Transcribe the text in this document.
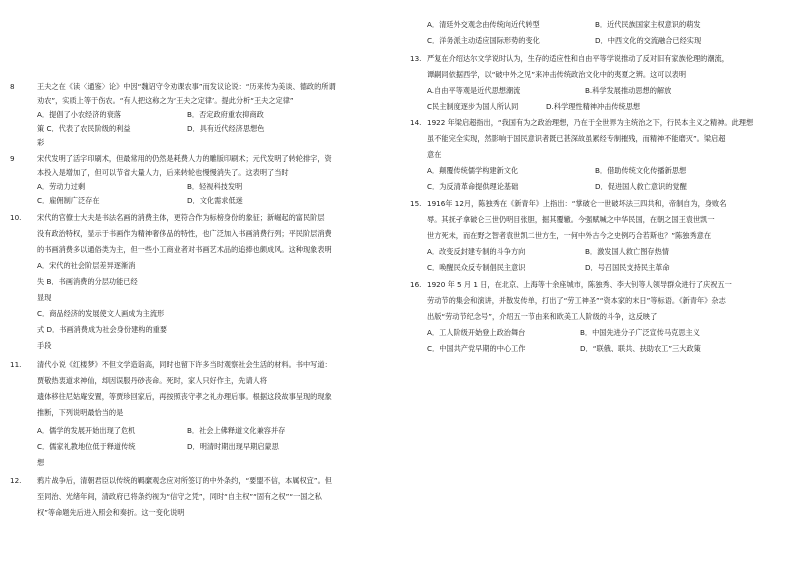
8	王夫之在《读〈通鉴〉论》中因“魏诏守令劝课农事”而发议论说：“历来传为美谈、德政的所谓
劝农”，实质上等于伤农。“有人把这称之为‘王夫之定律’。提此分析“王夫之定律”
A．提倡了小农经济的衰落	B．否定政府重农抑商政
策 C．代表了农民阶级的利益	D．具有近代经济思想色
彩
9	宋代发明了活字印刷术，但最常用的仍然是耗费人力的雕版印刷术；元代发明了转轮排字，资
本投入是增加了，但可以节省大量人力，后来转轮也慢慢消失了。这表明了当时
A．劳动力过剩	B．轻视科技发明
C．雇佣制广泛存在	D．文化需求低迷
10. 宋代的官僚士大夫是书法名画的消费主体，更符合作为标榜身份的象征；新崛起的富民阶层
没有政治特权，显示于书画作为精神奢侈品的特性，也广泛加入书画消费行列；平民阶层消费
的书画消费多以通俗类为主，但一些小工商业者对书画艺术品的追捧也颇成风。这种现象表明
A．宋代的社会阶层差异逐渐消
失 B．书画消费的分层功能已经
显现
C．商品经济的发展使文人画成为主流形
式 D．书画消费成为社会身份建构的重要
手段
11. 清代小说《红楼梦》不但文学造诣高，同时也留下许多当时观察社会生活的材料。书中写道：
贾敬热衷道求神仙，却因误服丹砂丧命。死时，家人只好作主，先请人将
遗体移往尼姑庵安置，等贾珍回家后，再按照丧守孝之礼办理后事。根据这段故事呈现的现象
推断，下列说明最恰当的是
A．儒学的发展开始出现了危机	B．社会上佛释道文化兼容并存
C．儒家礼教地位低于释道传统	D．明清时期出现早期启蒙思
想
12. 鸦片战争后，清朝君臣以传统的羁縻观念应对所签订的中外条约，“要盟不信，本属权宜”。但
至同治、光绪年间，清政府已将条约视为“信守之凭”，同时“自主权”“固有之权”“一国之私
权”等命题先后进入照会和奏折。这一变化说明
A．清廷外交观念由传统向近代转型	B．近代民族国家主权意识的萌发
C．洋务派主动适应国际形势的变化	D．中西文化的交流融合已经实现
13. 严复在介绍达尔文学说时认为，生存的适应性和自由平等学说推动了反对旧有家族伦理的潮流，
谭嗣同依据西学，以“破中外之见”来冲击传统政治文化中的夷夏之辨。这可以表明
A.自由平等观是近代思想潮流	B.科学发展推动思想的解放
C民主制度逐步为国人所认同	D.科学理性精神冲击传统思想
14. 1922 年梁启超指出，“我国有为之政治理想，乃在于全世界为主统治之下，行民本主义之精神。此理想
虽不能完全实现，然影响于国民意识者既已甚深故虽累经专制摧残，而精神不能磨灭”。梁启超
意在
A．颠覆传统儒学构建新文化	B．借助传统文化传播新思想
C．为反清革命提供理论基础	D．促进国人救亡意识的觉醒
15. 1916年 12月，陈独秀在《新青年》上指出：“掌破仑一世破坏法三四共和，帝制自为，身败名
辱。其抚孑拿破仑三世仍明目张胆，掘其覆辙。今强赋喊之中华民国，在朝之国王袁世凯一
世方死未，而在野之智者袁世凯二世方生，一何中外古今之史例巧合若斯也？”陈独秀意在
A．改变反封建专制的斗争方向	B．激发国人救亡图存热情
C．唤醒民众反专制倡民主意识	D．号召国民支持民主革命
16. 1920 年 5 月 1 日，在北京、上海等十余座城市，陈独秀、李大钊等人领导群众进行了庆祝五一
劳动节的集会和演讲，并散发传单，打出了“劳工神圣”“资本家的末日”等标语。《新青年》杂志
出版“劳动节纪念号”，介绍五一节由来和欧美工人阶级的斗争，这反映了
A．工人阶级开始登上政治舞台	B．中国先进分子广泛宣传马克思主义
C．中国共产党早期的中心工作	D．“联俄、联共、扶助农工”三大政策
